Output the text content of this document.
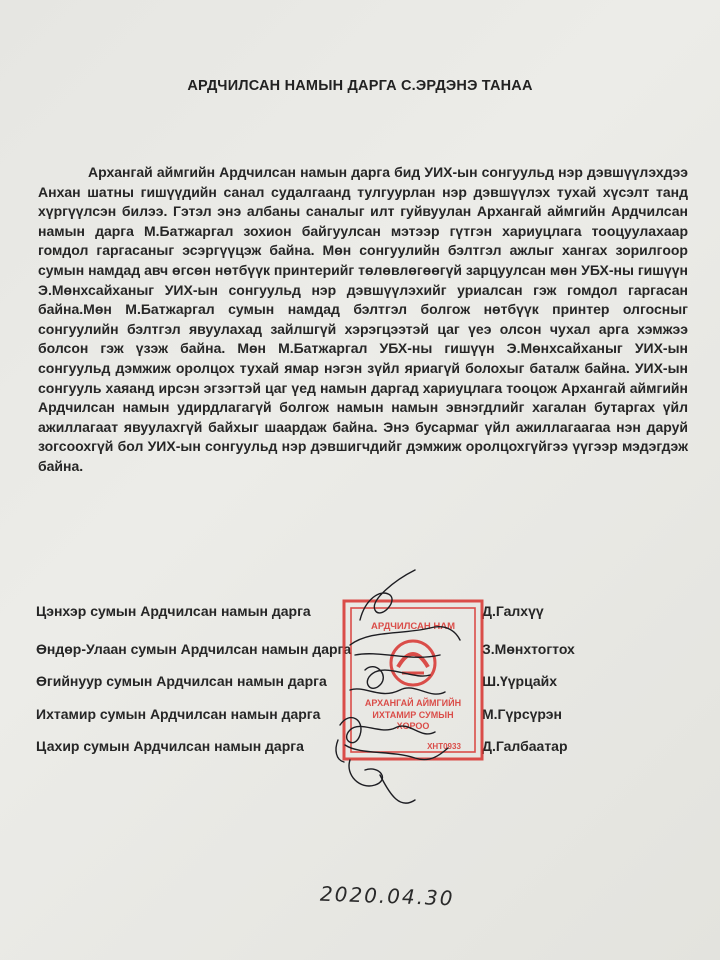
АРДЧИЛСАН НАМЫН ДАРГА С.ЭРДЭНЭ ТАНАА
Архангай аймгийн Ардчилсан намын дарга бид УИХ-ын сонгуульд нэр дэвшүүлэхдээ Анхан шатны гишүүдийн санал судалгаанд тулгуурлан нэр дэвшүүлэх тухай хүсэлт танд хүргүүлсэн билээ. Гэтэл энэ албаны саналыг илт гуйвуулан Архангай аймгийн Ардчилсан намын дарга М.Батжаргал зохион байгуулсан мэтээр гүтгэн хариуцлага тооцуулахаар гомдол гаргасаныг эсэргүүцэж байна. Мөн сонгуулийн бэлтгэл ажлыг хангах зорилгоор сумын намдад авч өгсөн нөтбүүк принтерийг төлөвлөгөөгүй зарцуулсан мөн УБХ-ны гишүүн Э.Мөнхсайханыг УИХ-ын сонгуульд нэр дэвшүүлэхийг уриалсан гэж гомдол гаргасан байна.Мөн М.Батжаргал сумын намдад бэлтгэл болгож нөтбүүк принтер олгосныг сонгуулийн бэлтгэл явуулахад зайлшгүй хэрэгцээтэй цаг үеэ олсон чухал арга хэмжээ болсон гэж үзэж байна. Мөн М.Батжаргал УБХ-ны гишүүн Э.Мөнхсайханыг УИХ-ын сонгуульд дэмжиж оролцох тухай ямар нэгэн зүйл яриагүй болохыг баталж байна. УИХ-ын сонгууль хаяанд ирсэн эгзэгтэй цаг үед намын даргад хариуцлага тооцож Архангай аймгийн Ардчилсан намын удирдлагагүй болгож намын намын эвнэгдлийг хагалан бутаргах үйл ажиллагаат явуулахгүй байхыг шаардаж байна. Энэ бусармаг үйл ажиллагаагаа нэн даруй зогсоохгүй бол УИХ-ын сонгуульд нэр дэвшигчдийг дэмжиж оролцохгүйгээ үүгээр мэдэгдэж байна.
Цэнхэр сумын Ардчилсан намын дарга	Д.Галхүү
Өндөр-Улаан сумын Ардчилсан намын дарга	З.Мөнхтогтох
Өгийнуур сумын Ардчилсан намын дарга	Ш.Үүрцайх
Ихтамир сумын Ардчилсан намын дарга	М.Гүрсүрэн
Цахир сумын Ардчилсан намын дарга	Д.Галбаатар
АРДЧИЛСАН НАМ
АРХАНГАЙ АЙМГИЙН
ИХТАМИР СУМЫН
ХОРОО
ХНТ0933
2020.04.30
